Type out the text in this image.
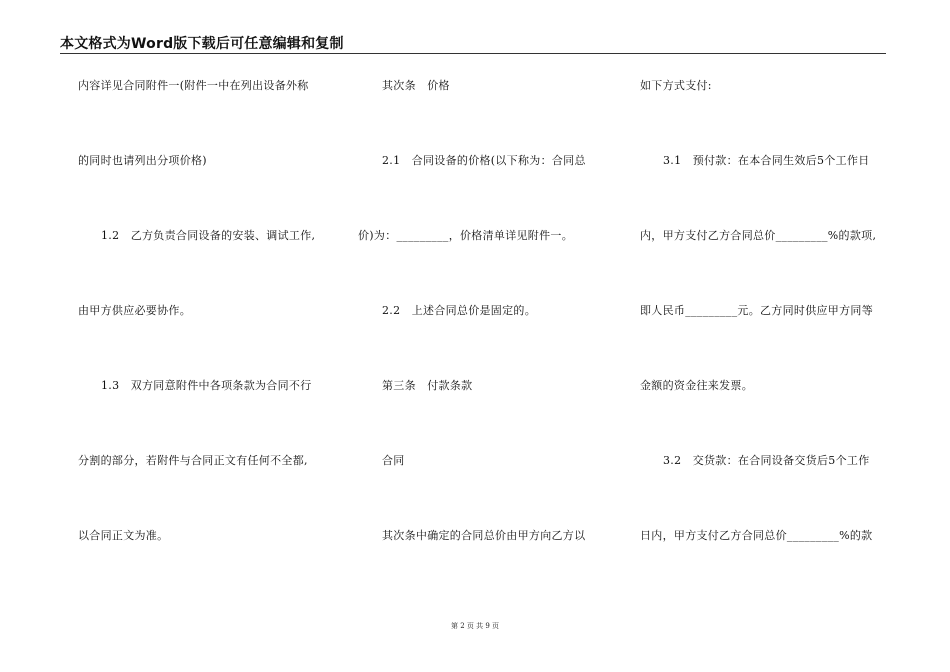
本文格式为Word版下载后可任意编辑和复制
内容详见合同附件一(附件一中在列出设备外称
的同时也请列出分项价格)
1.2　乙方负责合同设备的安装、调试工作,
由甲方供应必要协作。
1.3　双方同意附件中各项条款为合同不行
分割的部分，若附件与合同正文有任何不全都,
以合同正文为准。
其次条　价格
2.1　合同设备的价格(以下称为：合同总
价)为：_________，价格清单详见附件一。
2.2　上述合同总价是固定的。
第三条　付款条款
合同
其次条中确定的合同总价由甲方向乙方以
如下方式支付:
3.1　预付款：在本合同生效后5个工作日
内，甲方支付乙方合同总价_________%的款项,
即人民币_________元。乙方同时供应甲方同等
金额的资金往来发票。
3.2　交货款：在合同设备交货后5个工作
日内，甲方支付乙方合同总价_________%的款
第 2 页 共 9 页
